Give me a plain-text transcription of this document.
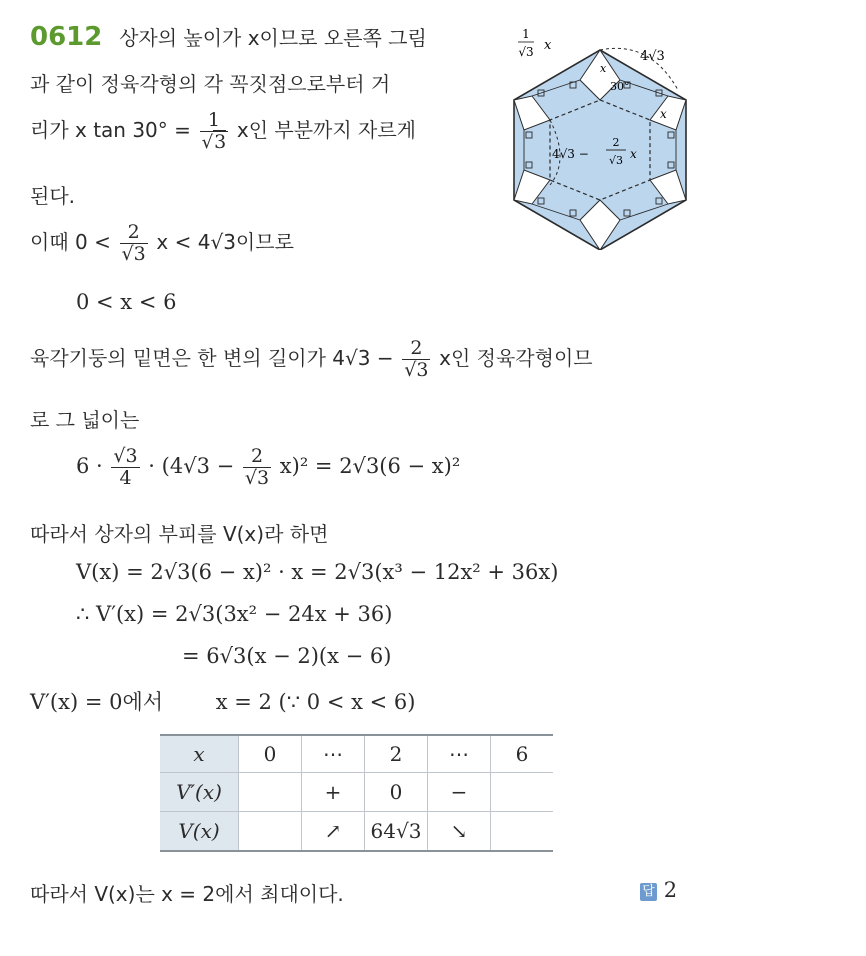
0612 상자의 높이가 x이므로 오른쪽 그림
과 같이 정육각형의 각 꼭짓점으로부터 거
리가 x $\tan 30^\circ = \frac{1}{√3}$ x인 부분까지 자르게
된다.
1
√3 x
4√3
30°
x
x
4√3 −
2
√3 x
이때 $0 < \frac{2}{√3}$ x < 4√3이므로
0 < x < 6
육각기둥의 밑면은 한 변의 길이가 $4√3 - \frac{2}{√3}$ x인 정육각형이므
로 그 넓이는
$6 \cdot \frac{√3}{4} \cdot (4√3 - \frac{2}{√3} x)^2 = 2√3(6 - x)^2$
따라서 상자의 부피를 V(x)라 하면
V(x) = 2√3(6 − x)² · x = 2√3(x³ − 12x² + 36x)
∴ V′(x) = 2√3(3x² − 24x + 36)
= 6√3(x − 2)(x − 6)
V′(x) = 0에서	x = 2 (∵ 0 < x < 6)
x	0	⋯	2	⋯	6
V′(x)		+	0	−	
V(x)		↗	64√3	↘	
따라서 V(x)는 x = 2에서 최대이다.	답 2
